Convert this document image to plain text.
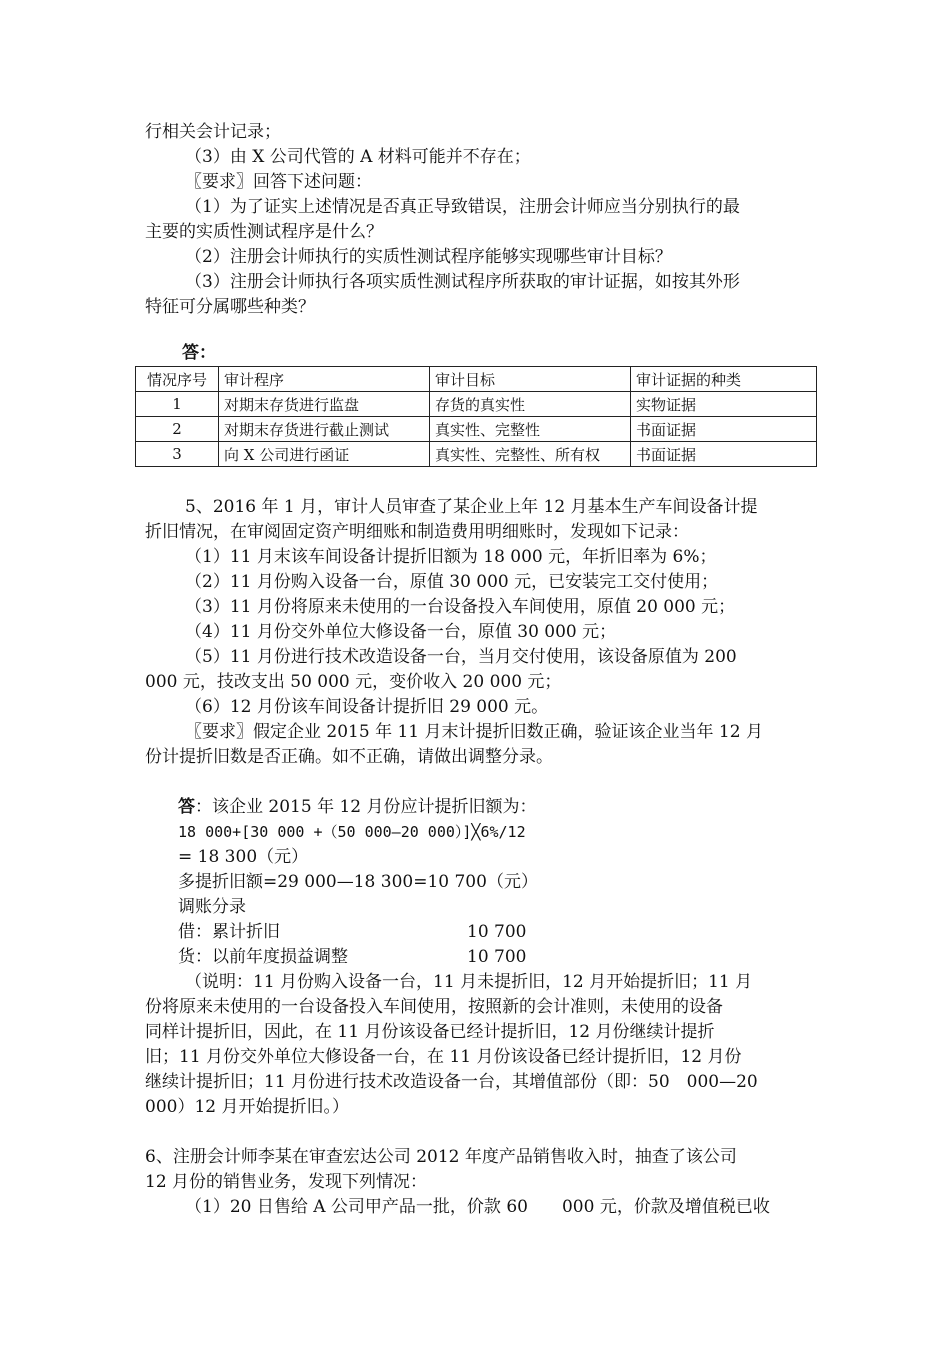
行相关会计记录；
（3）由 X 公司代管的 A 材料可能并不存在；
〖要求〗回答下述问题：
（1）为了证实上述情况是否真正导致错误，注册会计师应当分别执行的最
主要的实质性测试程序是什么？
（2）注册会计师执行的实质性测试程序能够实现哪些审计目标？
（3）注册会计师执行各项实质性测试程序所获取的审计证据，如按其外形
特征可分属哪些种类？
答：
情况序号	审计程序	审计目标	审计证据的种类
1	对期末存货进行监盘	存货的真实性	实物证据
2	对期末存货进行截止测试	真实性、完整性	书面证据
3	向 X 公司进行函证	真实性、完整性、所有权	书面证据
5、2016 年 1 月，审计人员审查了某企业上年 12 月基本生产车间设备计提
折旧情况，在审阅固定资产明细账和制造费用明细账时，发现如下记录：
（1）11 月末该车间设备计提折旧额为 18 000 元，年折旧率为 6%；
（2）11 月份购入设备一台，原值 30 000 元，已安装完工交付使用；
（3）11 月份将原来未使用的一台设备投入车间使用，原值 20 000 元；
（4）11 月份交外单位大修设备一台，原值 30 000 元；
（5）11 月份进行技术改造设备一台，当月交付使用，该设备原值为 200
000 元，技改支出 50 000 元，变价收入 20 000 元；
（6）12 月份该车间设备计提折旧 29 000 元。
〖要求〗假定企业 2015 年 11 月末计提折旧数正确，验证该企业当年 12 月
份计提折旧数是否正确。如不正确，请做出调整分录。
答：该企业 2015 年 12 月份应计提折旧额为：
18 000+[30 000 +（50 000—20 000）]╳6%/12
= 18 300（元）
多提折旧额=29 000—18 300=10 700（元）
调账分录
借：累计折旧	10 700
货：以前年度损益调整	10 700
（说明：11 月份购入设备一台，11 月未提折旧，12 月开始提折旧；11 月
份将原来未使用的一台设备投入车间使用，按照新的会计准则，未使用的设备
同样计提折旧，因此，在 11 月份该设备已经计提折旧，12 月份继续计提折
旧；11 月份交外单位大修设备一台，在 11 月份该设备已经计提折旧，12 月份
继续计提折旧；11 月份进行技术改造设备一台，其增值部份（即：50　000—20
000）12 月开始提折旧。）
6、注册会计师李某在审查宏达公司 2012 年度产品销售收入时，抽查了该公司
12 月份的销售业务，发现下列情况：
（1）20 日售给 A 公司甲产品一批，价款 60　　000 元，价款及增值税已收
